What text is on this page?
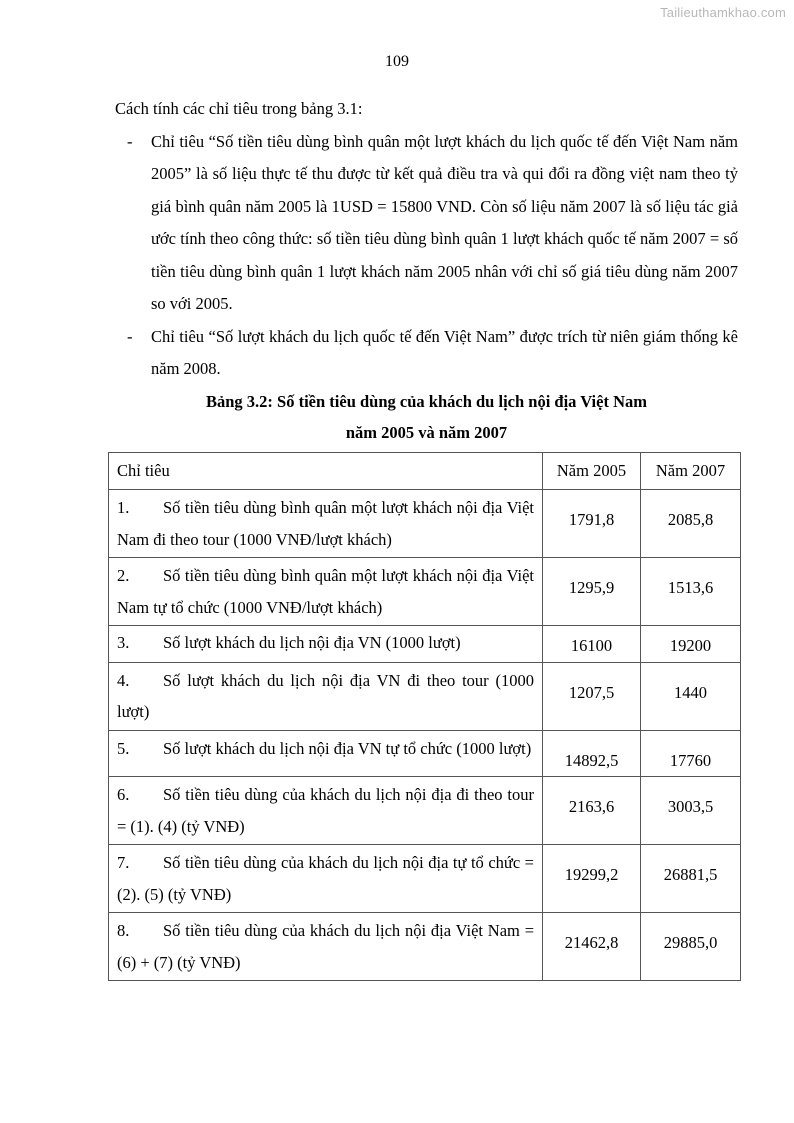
Tailieuthamkhao.com
109

Cách tính các chỉ tiêu trong bảng 3.1:

- Chỉ tiêu “Số tiền tiêu dùng bình quân một lượt khách du lịch quốc tế đến Việt Nam năm 2005” là số liệu thực tế thu được từ kết quả điều tra và qui đổi ra đồng việt nam theo tỷ giá bình quân năm 2005 là 1USD = 15800 VND. Còn số liệu năm 2007 là số liệu tác giả ước tính theo công thức: số tiền tiêu dùng bình quân 1 lượt khách quốc tế năm 2007 = số tiền tiêu dùng bình quân 1 lượt khách năm 2005 nhân với chỉ số giá tiêu dùng năm 2007 so với 2005.
- Chỉ tiêu “Số lượt khách du lịch quốc tế đến Việt Nam” được trích từ niên giám thống kê năm 2008.

Bảng 3.2: Số tiền tiêu dùng của khách du lịch nội địa Việt Nam

năm 2005 và năm 2007

Chỉ tiêu	Năm 2005	Năm 2007
1. Số tiền tiêu dùng bình quân một lượt khách nội địa Việt Nam đi theo tour (1000 VNĐ/lượt khách)	1791,8	2085,8
2. Số tiền tiêu dùng bình quân một lượt khách nội địa Việt Nam tự tổ chức (1000 VNĐ/lượt khách)	1295,9	1513,6
3. Số lượt khách du lịch nội địa VN (1000 lượt)	16100	19200
4. Số lượt khách du lịch nội địa VN đi theo tour (1000 lượt)	1207,5	1440
5. Số lượt khách du lịch nội địa VN tự tổ chức (1000 lượt)	14892,5	17760
6. Số tiền tiêu dùng của khách du lịch nội địa đi theo tour = (1). (4) (tỷ VNĐ)	2163,6	3003,5
7. Số tiền tiêu dùng của khách du lịch nội địa tự tổ chức = (2). (5) (tỷ VNĐ)	19299,2	26881,5
8. Số tiền tiêu dùng của khách du lịch nội địa Việt Nam = (6) + (7) (tỷ VNĐ)	21462,8	29885,0
